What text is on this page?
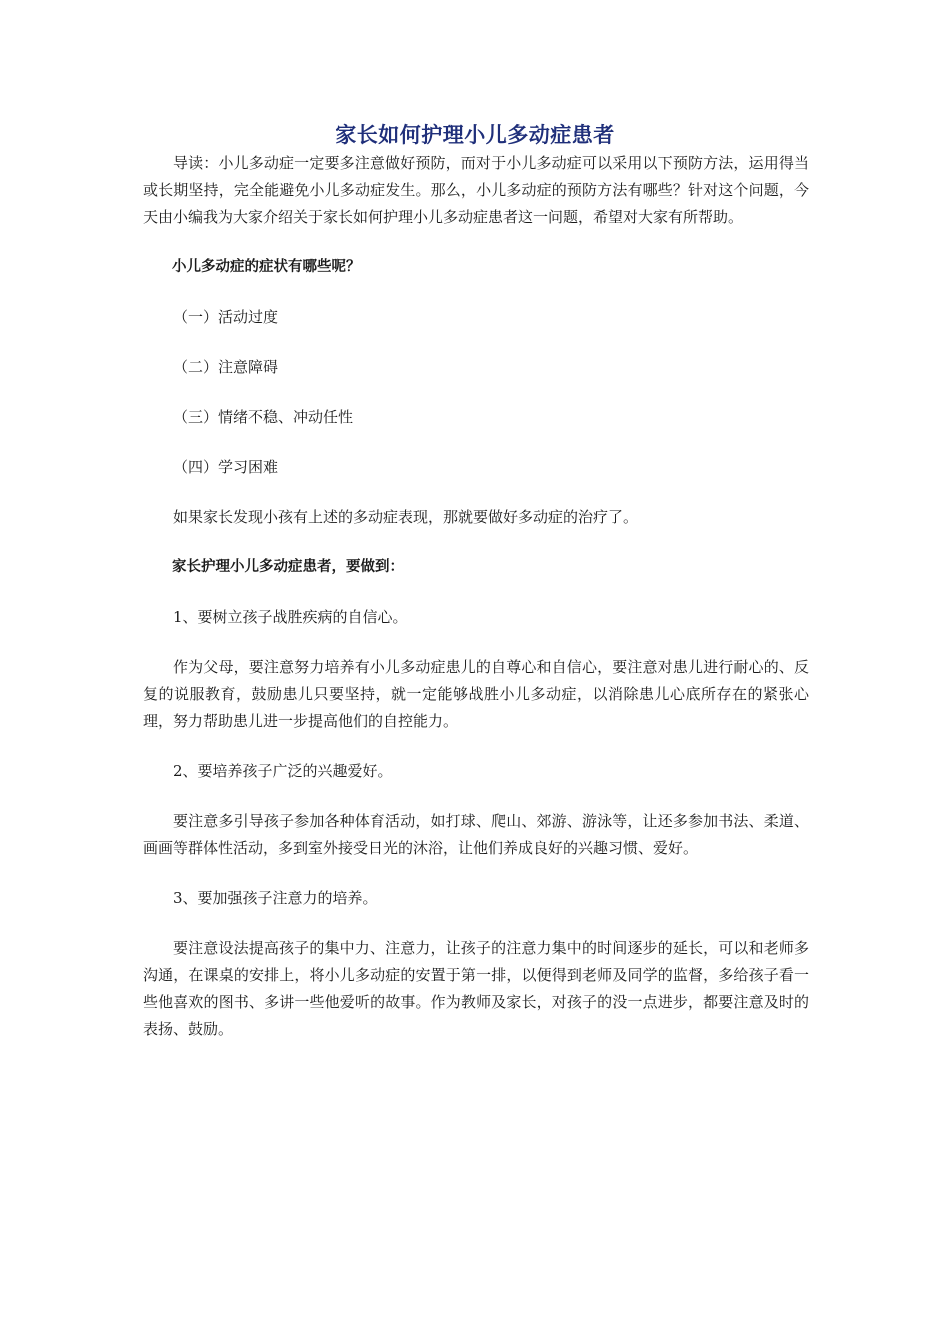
家长如何护理小儿多动症患者

导读：小儿多动症一定要多注意做好预防，而对于小儿多动症可以采用以下预防方法，运用得当或长期坚持，完全能避免小儿多动症发生。那么，小儿多动症的预防方法有哪些？针对这个问题，今天由小编我为大家介绍关于家长如何护理小儿多动症患者这一问题，希望对大家有所帮助。

小儿多动症的症状有哪些呢？

（一）活动过度

（二）注意障碍

（三）情绪不稳、冲动任性

（四）学习困难

如果家长发现小孩有上述的多动症表现，那就要做好多动症的治疗了。

家长护理小儿多动症患者，要做到：

1、要树立孩子战胜疾病的自信心。

作为父母，要注意努力培养有小儿多动症患儿的自尊心和自信心，要注意对患儿进行耐心的、反复的说服教育，鼓励患儿只要坚持，就一定能够战胜小儿多动症，以消除患儿心底所存在的紧张心理，努力帮助患儿进一步提高他们的自控能力。

2、要培养孩子广泛的兴趣爱好。

要注意多引导孩子参加各种体育活动，如打球、爬山、郊游、游泳等，让还多参加书法、柔道、画画等群体性活动，多到室外接受日光的沐浴，让他们养成良好的兴趣习惯、爱好。

3、要加强孩子注意力的培养。

要注意设法提高孩子的集中力、注意力，让孩子的注意力集中的时间逐步的延长，可以和老师多沟通，在课桌的安排上，将小儿多动症的安置于第一排，以便得到老师及同学的监督，多给孩子看一些他喜欢的图书、多讲一些他爱听的故事。作为教师及家长，对孩子的没一点进步，都要注意及时的表扬、鼓励。
